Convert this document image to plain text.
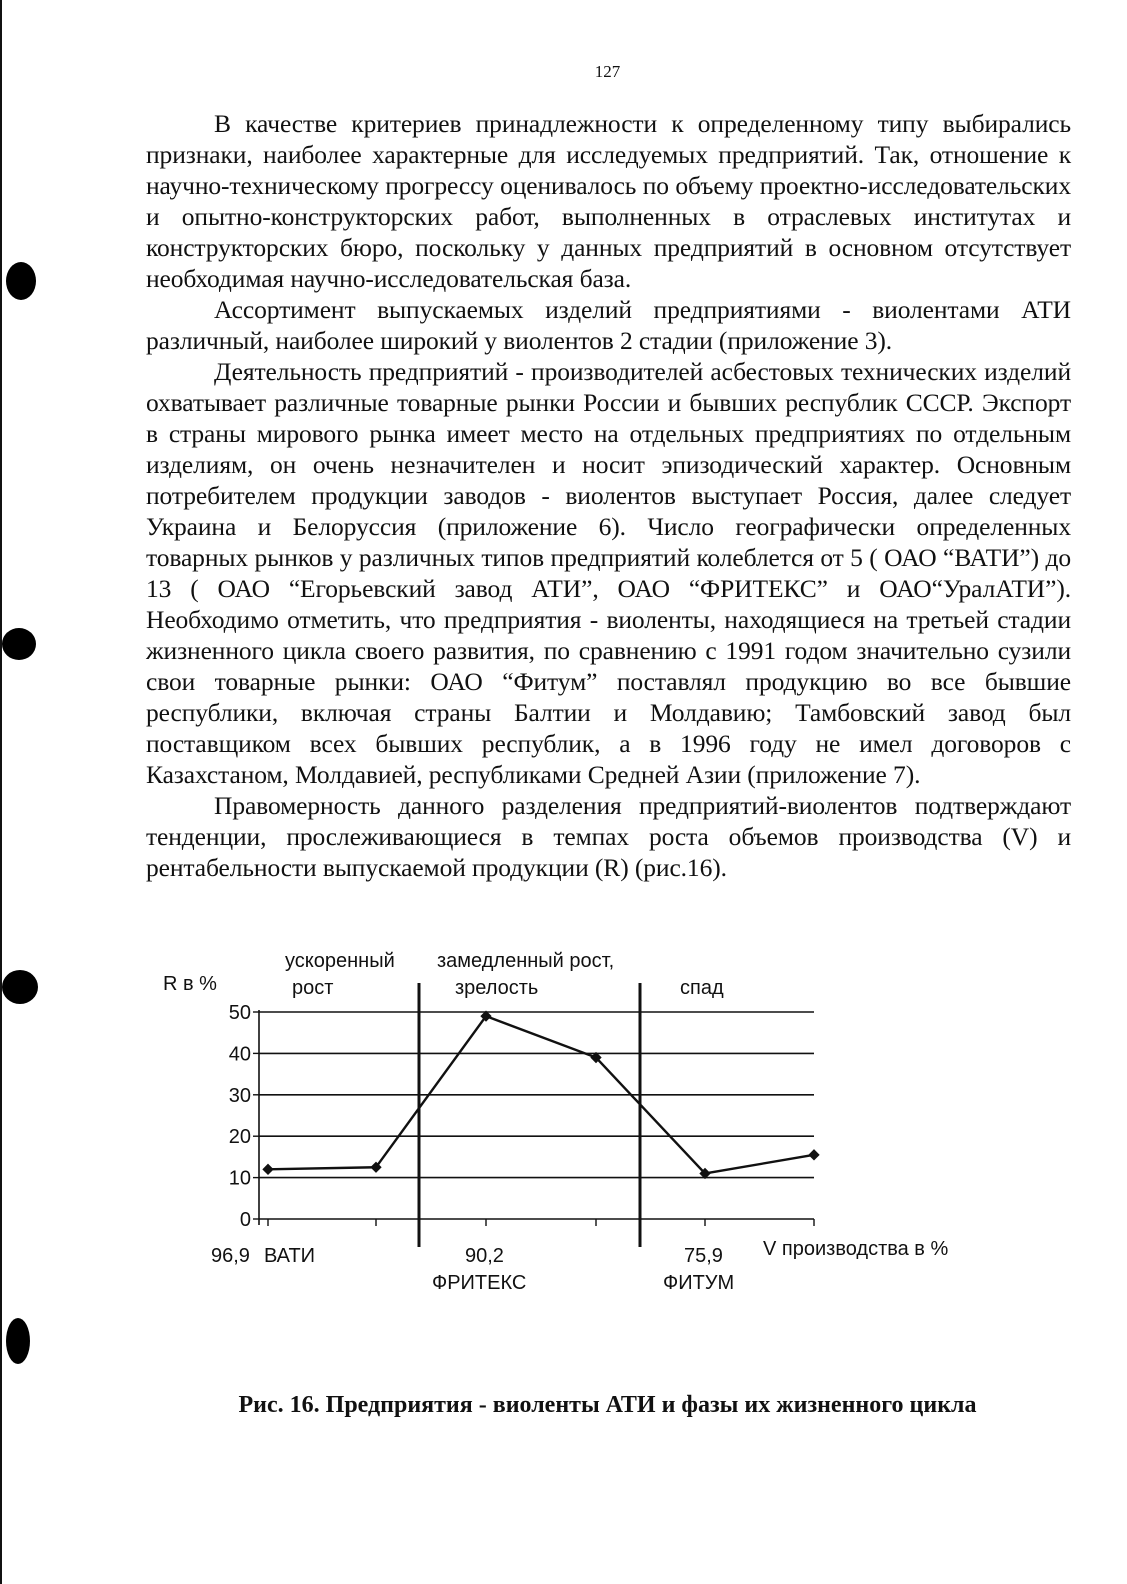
127

В качестве критериев принадлежности к определенному типу выбирались признаки, наиболее характерные для исследуемых предприятий. Так, отношение к научно-техническому прогрессу оценивалось по объему проектно-исследовательских и опытно-конструкторских работ, выполненных в отраслевых институтах и конструкторских бюро, поскольку у данных предприятий в основном отсутствует необходимая научно-исследовательская база.

Ассортимент выпускаемых изделий предприятиями - виолентами АТИ различный, наиболее широкий у виолентов 2 стадии (приложение 3).

Деятельность предприятий - производителей асбестовых технических изделий охватывает различные товарные рынки России и бывших республик СССР. Экспорт в страны мирового рынка имеет место на отдельных предприятиях по отдельным изделиям, он очень незначителен и носит эпизодический характер. Основным потребителем продукции заводов - виолентов выступает Россия, далее следует Украина и Белоруссия (приложение 6). Число географически определенных товарных рынков у различных типов предприятий колеблется от 5 ( ОАО “ВАТИ”) до 13 ( ОАО “Егорьевский завод АТИ”, ОАО “ФРИТЕКС” и ОАО“УралАТИ”). Необходимо отметить, что предприятия - виоленты, находящиеся на третьей стадии жизненного цикла своего развития, по сравнению с 1991 годом значительно сузили свои товарные рынки: ОАО “Фитум” поставлял продукцию во все бывшие республики, включая страны Балтии и Молдавию; Тамбовский завод был поставщиком всех бывших республик, а в 1996 году не имел договоров с Казахстаном, Молдавией, республиками Средней Азии (приложение 7).

Правомерность данного разделения предприятий-виолентов подтверждают тенденции, прослеживающиеся в темпах роста объемов производства (V) и рентабельности выпускаемой продукции (R) (рис.16).

R в %
ускоренный
рост
замедленный рост,
зрелость	спад
V производства в %
96,9 ВАТИ	90,2
ФРИТЕКС
75,9
ФИТУМ
50
40
30
20
10
0
Рис. 16. Предприятия - виоленты АТИ и фазы их жизненного цикла
